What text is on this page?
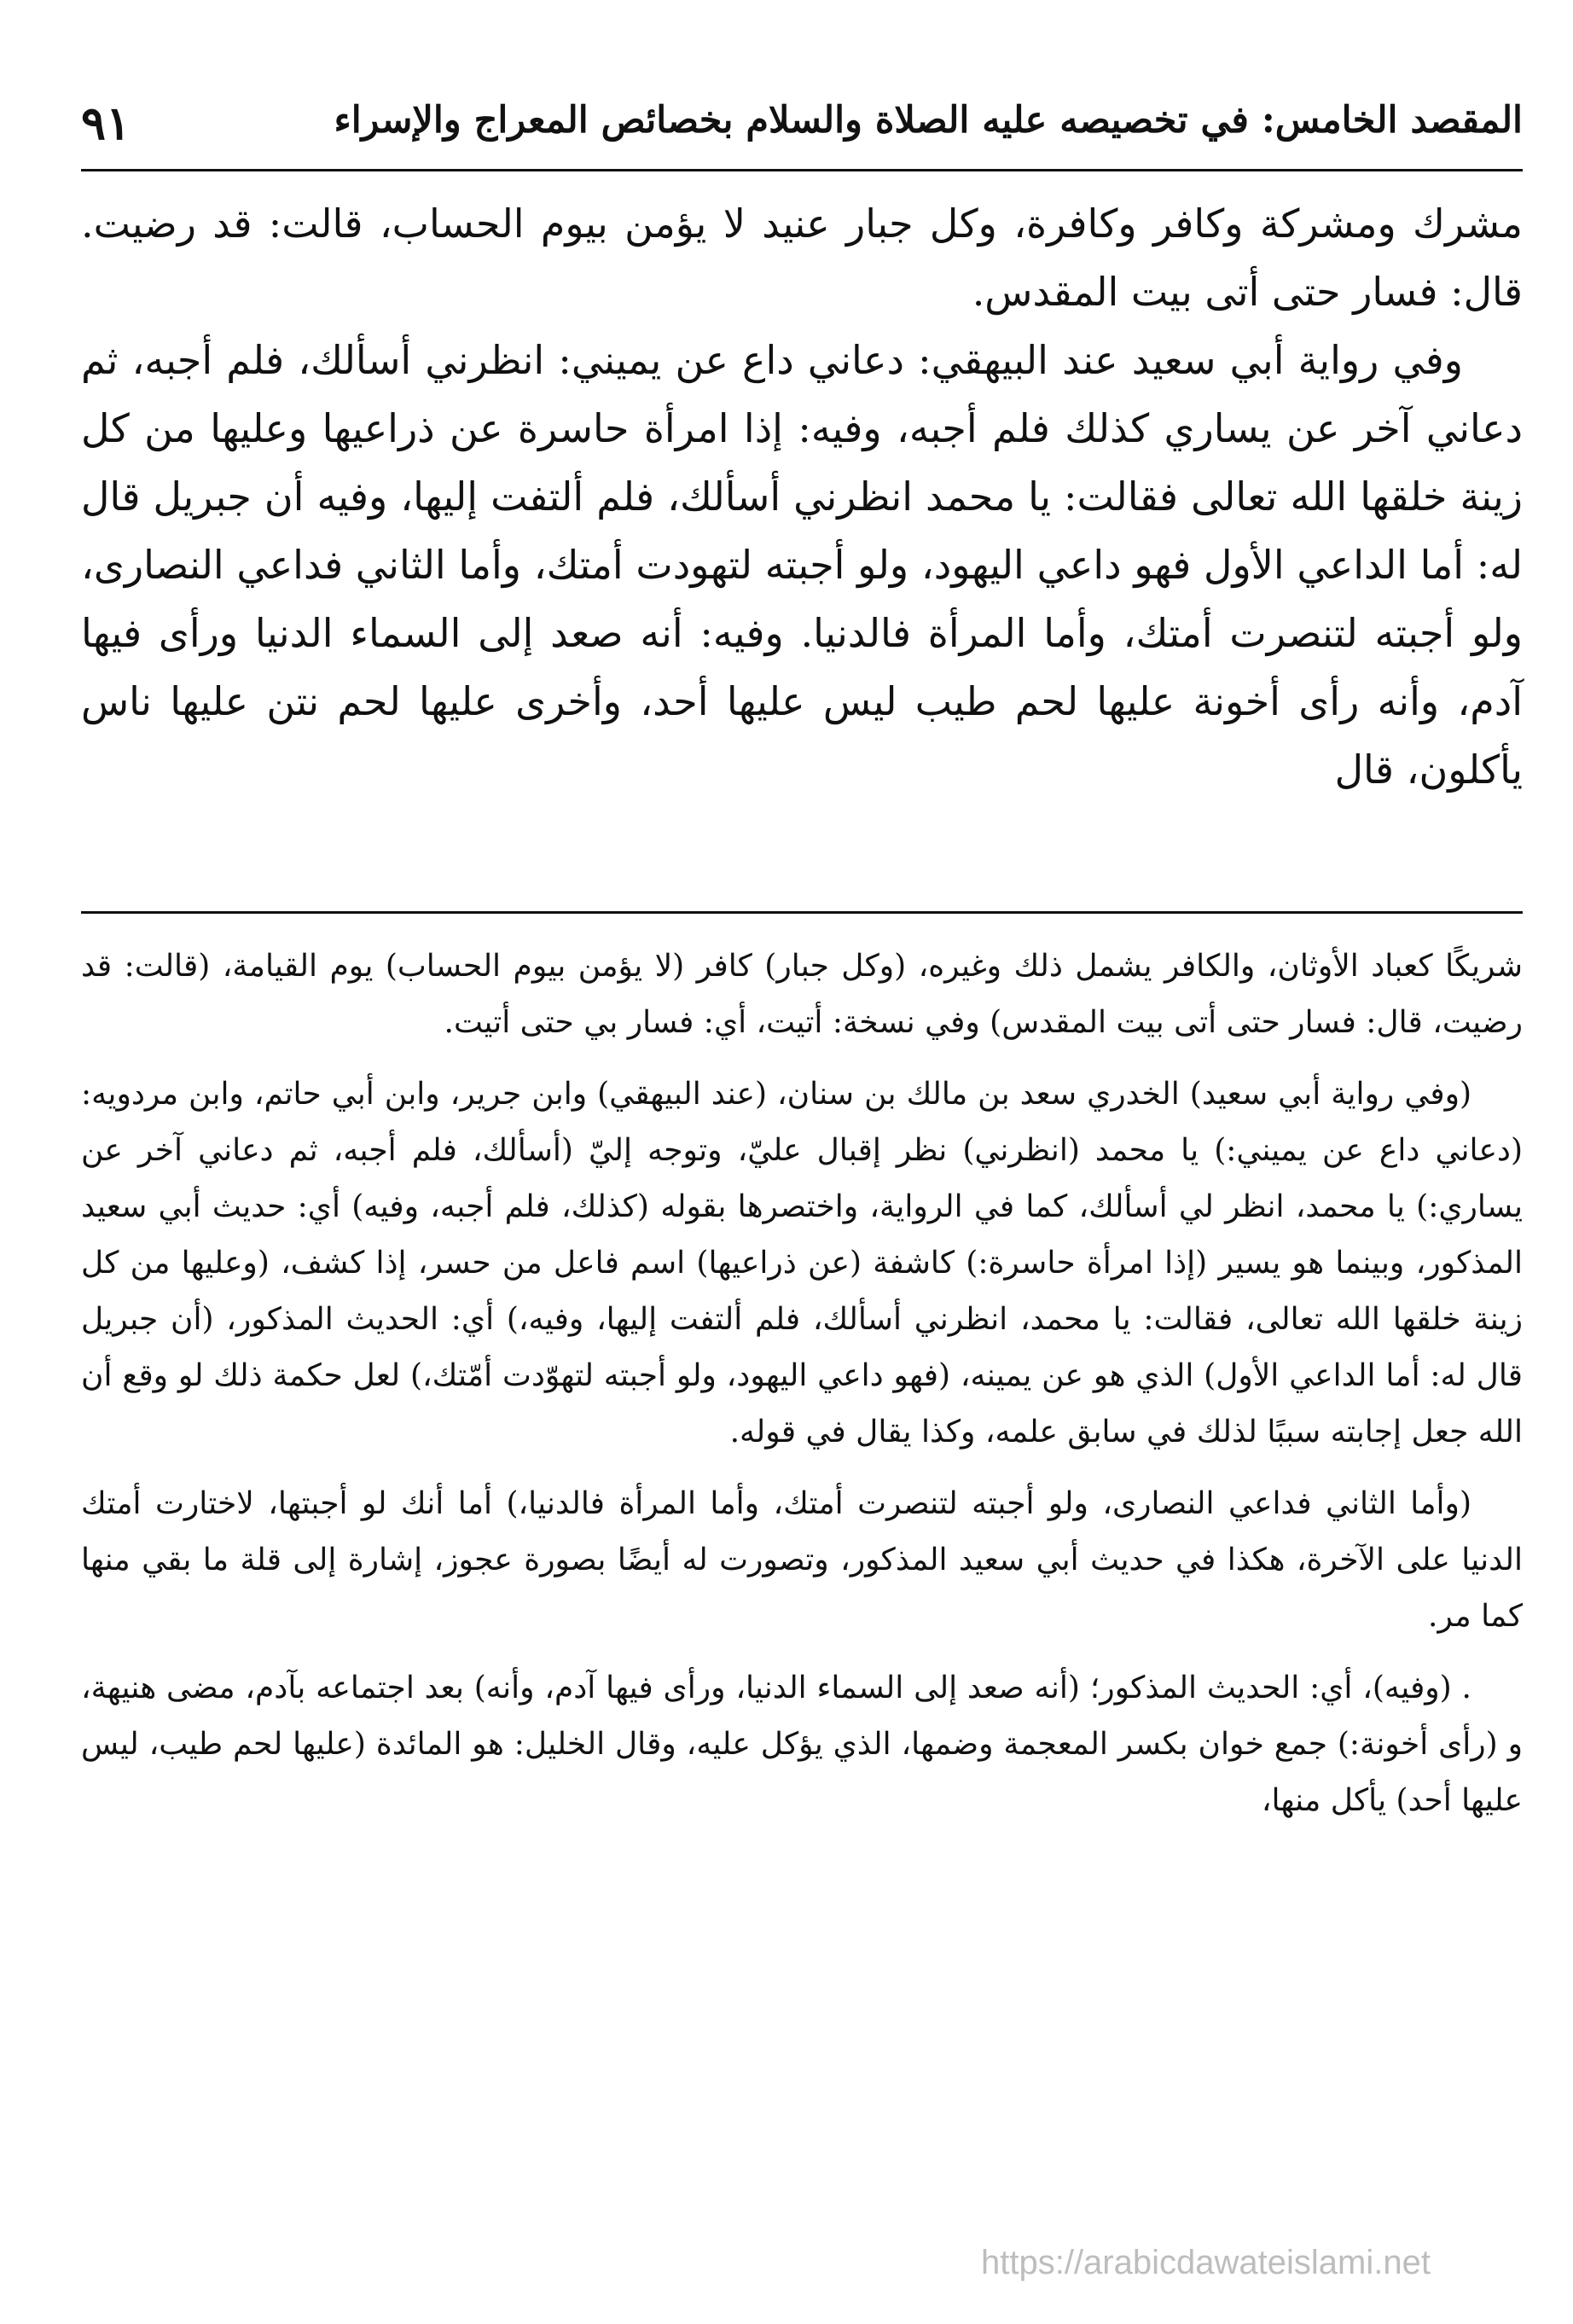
المقصد الخامس: في تخصيصه عليه الصلاة والسلام بخصائص المعراج والإسراء
٩١

مشرك ومشركة وكافر وكافرة، وكل جبار عنيد لا يؤمن بيوم الحساب، قالت: قد رضيت. قال: فسار حتى أتى بيت المقدس.

وفي رواية أبي سعيد عند البيهقي: دعاني داع عن يميني: انظرني أسألك، فلم أجبه، ثم دعاني آخر عن يساري كذلك فلم أجبه، وفيه: إذا امرأة حاسرة عن ذراعيها وعليها من كل زينة خلقها الله تعالى فقالت: يا محمد انظرني أسألك، فلم ألتفت إليها، وفيه أن جبريل قال له: أما الداعي الأول فهو داعي اليهود، ولو أجبته لتهودت أمتك، وأما الثاني فداعي النصارى، ولو أجبته لتنصرت أمتك، وأما المرأة فالدنيا. وفيه: أنه صعد إلى السماء الدنيا ورأى فيها آدم، وأنه رأى أخونة عليها لحم طيب ليس عليها أحد، وأخرى عليها لحم نتن عليها ناس يأكلون، قال

شريكًا كعباد الأوثان، والكافر يشمل ذلك وغيره، (وكل جبار) كافر (لا يؤمن بيوم الحساب) يوم القيامة، (قالت: قد رضيت، قال: فسار حتى أتى بيت المقدس) وفي نسخة: أتيت، أي: فسار بي حتى أتيت.

(وفي رواية أبي سعيد) الخدري سعد بن مالك بن سنان، (عند البيهقي) وابن جرير، وابن أبي حاتم، وابن مردويه: (دعاني داع عن يميني:) يا محمد (انظرني) نظر إقبال عليّ، وتوجه إليّ (أسألك، فلم أجبه، ثم دعاني آخر عن يساري:) يا محمد، انظر لي أسألك، كما في الرواية، واختصرها بقوله (كذلك، فلم أجبه، وفيه) أي: حديث أبي سعيد المذكور، وبينما هو يسير (إذا امرأة حاسرة:) كاشفة (عن ذراعيها) اسم فاعل من حسر، إذا كشف، (وعليها من كل زينة خلقها الله تعالى، فقالت: يا محمد، انظرني أسألك، فلم ألتفت إليها، وفيه،) أي: الحديث المذكور، (أن جبريل قال له: أما الداعي الأول) الذي هو عن يمينه، (فهو داعي اليهود، ولو أجبته لتهوّدت أمّتك،) لعل حكمة ذلك لو وقع أن الله جعل إجابته سببًا لذلك في سابق علمه، وكذا يقال في قوله.

(وأما الثاني فداعي النصارى، ولو أجبته لتنصرت أمتك، وأما المرأة فالدنيا،) أما أنك لو أجبتها، لاختارت أمتك الدنيا على الآخرة، هكذا في حديث أبي سعيد المذكور، وتصورت له أيضًا بصورة عجوز، إشارة إلى قلة ما بقي منها كما مر.

. (وفيه)، أي: الحديث المذكور؛ (أنه صعد إلى السماء الدنيا، ورأى فيها آدم، وأنه) بعد اجتماعه بآدم، مضى هنيهة، و (رأى أخونة:) جمع خوان بكسر المعجمة وضمها، الذي يؤكل عليه، وقال الخليل: هو المائدة (عليها لحم طيب، ليس عليها أحد) يأكل منها،

https://arabicdawateislami.net
